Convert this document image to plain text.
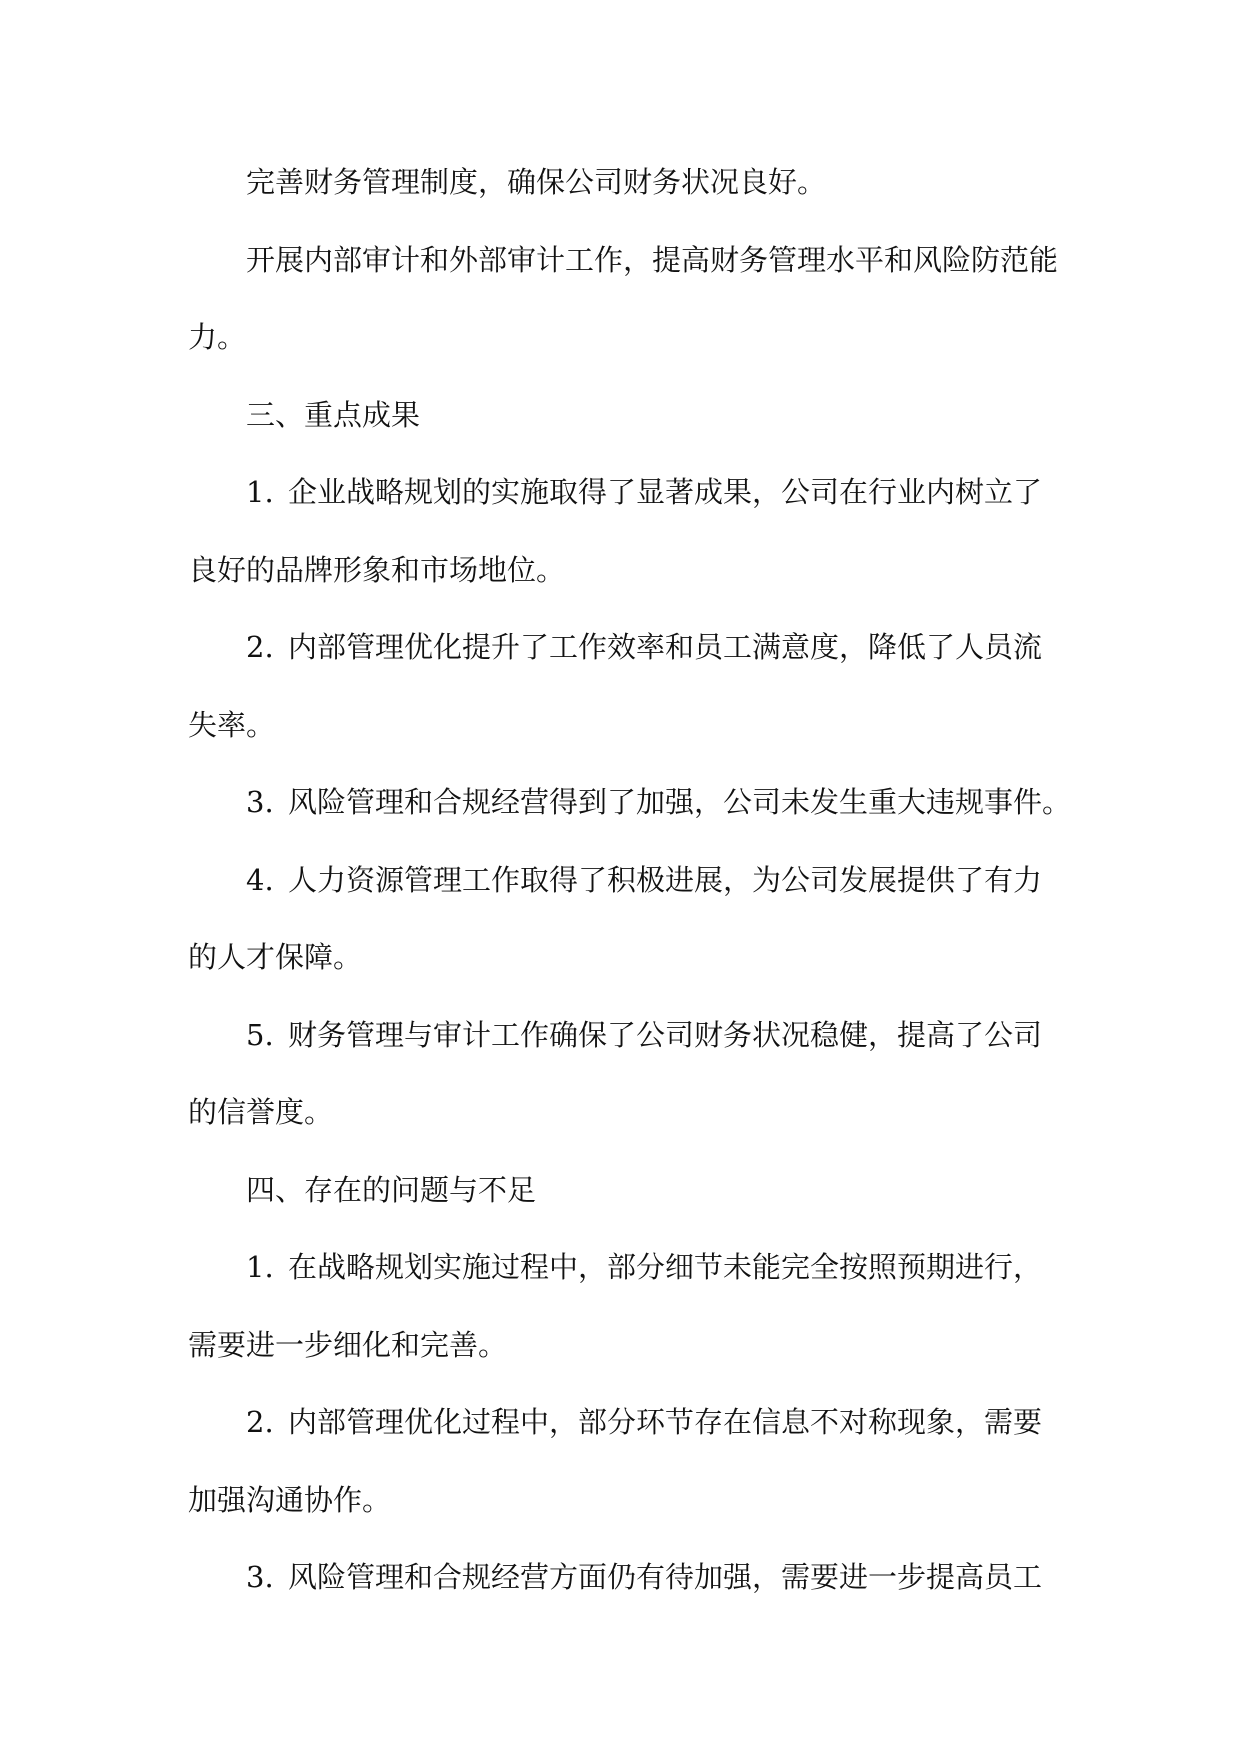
完善财务管理制度，确保公司财务状况良好。
开展内部审计和外部审计工作，提高财务管理水平和风险防范能
力。
三、重点成果
1. 企业战略规划的实施取得了显著成果，公司在行业内树立了
良好的品牌形象和市场地位。
2. 内部管理优化提升了工作效率和员工满意度，降低了人员流
失率。
3. 风险管理和合规经营得到了加强，公司未发生重大违规事件。
4. 人力资源管理工作取得了积极进展，为公司发展提供了有力
的人才保障。
5. 财务管理与审计工作确保了公司财务状况稳健，提高了公司
的信誉度。
四、存在的问题与不足
1. 在战略规划实施过程中，部分细节未能完全按照预期进行，
需要进一步细化和完善。
2. 内部管理优化过程中，部分环节存在信息不对称现象，需要
加强沟通协作。
3. 风险管理和合规经营方面仍有待加强，需要进一步提高员工
